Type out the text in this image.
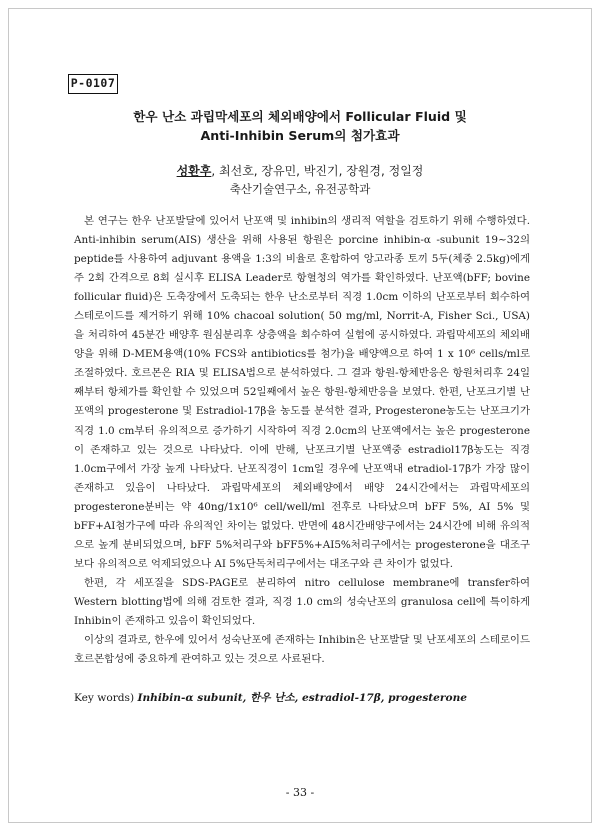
P-0107
한우 난소 과립막세포의 체외배양에서 Follicular Fluid 및
Anti-Inhibin Serum의 첨가효과
성환후, 최선호, 장유민, 박진기, 장원경, 정일정
축산기술연구소, 유전공학과

본 연구는 한우 난포발달에 있어서 난포액 및 inhibin의 생리적 역할을 검토하기 위해 수행하였다. Anti-inhibin serum(AIS) 생산을 위해 사용된 항원은 porcine inhibin-α -subunit 19∼32의 peptide를 사용하여 adjuvant 용액을 1:3의 비율로 혼합하여 앙고라종 토끼 5두(체중 2.5kg)에게 주 2회 간격으로 8회 실시후 ELISA Leader로 항혈청의 역가를 확인하였다. 난포액(bFF; bovine follicular fluid)은 도축장에서 도축되는 한우 난소로부터 직경 1.0cm 이하의 난포로부터 회수하여 스테로이드를 제거하기 위해 10% chacoal solution( 50 mg/ml, Norrit-A, Fisher Sci., USA)을 처리하여 45분간 배양후 원심분리후 상층액을 회수하여 실험에 공시하였다. 과립막세포의 체외배양을 위해 D-MEM용액(10% FCS와 antibiotics를 첨가)을 배양액으로 하여 1 x 10⁶ cells/ml로 조절하였다. 호르몬은 RIA 및 ELISA법으로 분석하였다. 그 결과 항원-항체반응은 항원처리후 24일째부터 항체가를 확인할 수 있었으며 52일째에서 높은 항원-항체반응을 보였다. 한편, 난포크기별 난포액의 progesterone 및 Estradiol-17β을 농도를 분석한 결과, Progesterone농도는 난포크기가 직경 1.0 cm부터 유의적으로 증가하기 시작하여 직경 2.0cm의 난포액에서는 높은 progesterone이 존재하고 있는 것으로 나타났다. 이에 반해, 난포크기별 난포액중 estradiol17β농도는 직경 1.0cm구에서 가장 높게 나타났다. 난포직경이 1cm일 경우에 난포액내 etradiol-17β가 가장 많이 존재하고 있음이 나타났다. 과립막세포의 체외배양에서 배양 24시간에서는 과립막세포의 progesterone분비는 약 40ng/1x10⁶ cell/well/ml 전후로 나타났으며 bFF 5%, AI 5% 및 bFF+AI첨가구에 따라 유의적인 차이는 없었다. 반면에 48시간배양구에서는 24시간에 비해 유의적으로 높게 분비되었으며, bFF 5%처리구와 bFF5%+AI5%처리구에서는 progesterone을 대조구보다 유의적으로 억제되었으나 AI 5%단독처리구에서는 대조구와 큰 차이가 없었다.

한편, 각 세포질을 SDS-PAGE로 분리하여 nitro cellulose membrane에 transfer하여 Western blotting법에 의해 검토한 결과, 직경 1.0 cm의 성숙난포의 granulosa cell에 특이하게 Inhibin이 존재하고 있음이 확인되었다.

이상의 결과로, 한우에 있어서 성숙난포에 존재하는 Inhibin은 난포발달 및 난포세포의 스테로이드호르몬합성에 중요하게 관여하고 있는 것으로 사료된다.

Key words) Inhibin-α subunit, 한우 난소, estradiol-17β, progesterone
- 33 -
